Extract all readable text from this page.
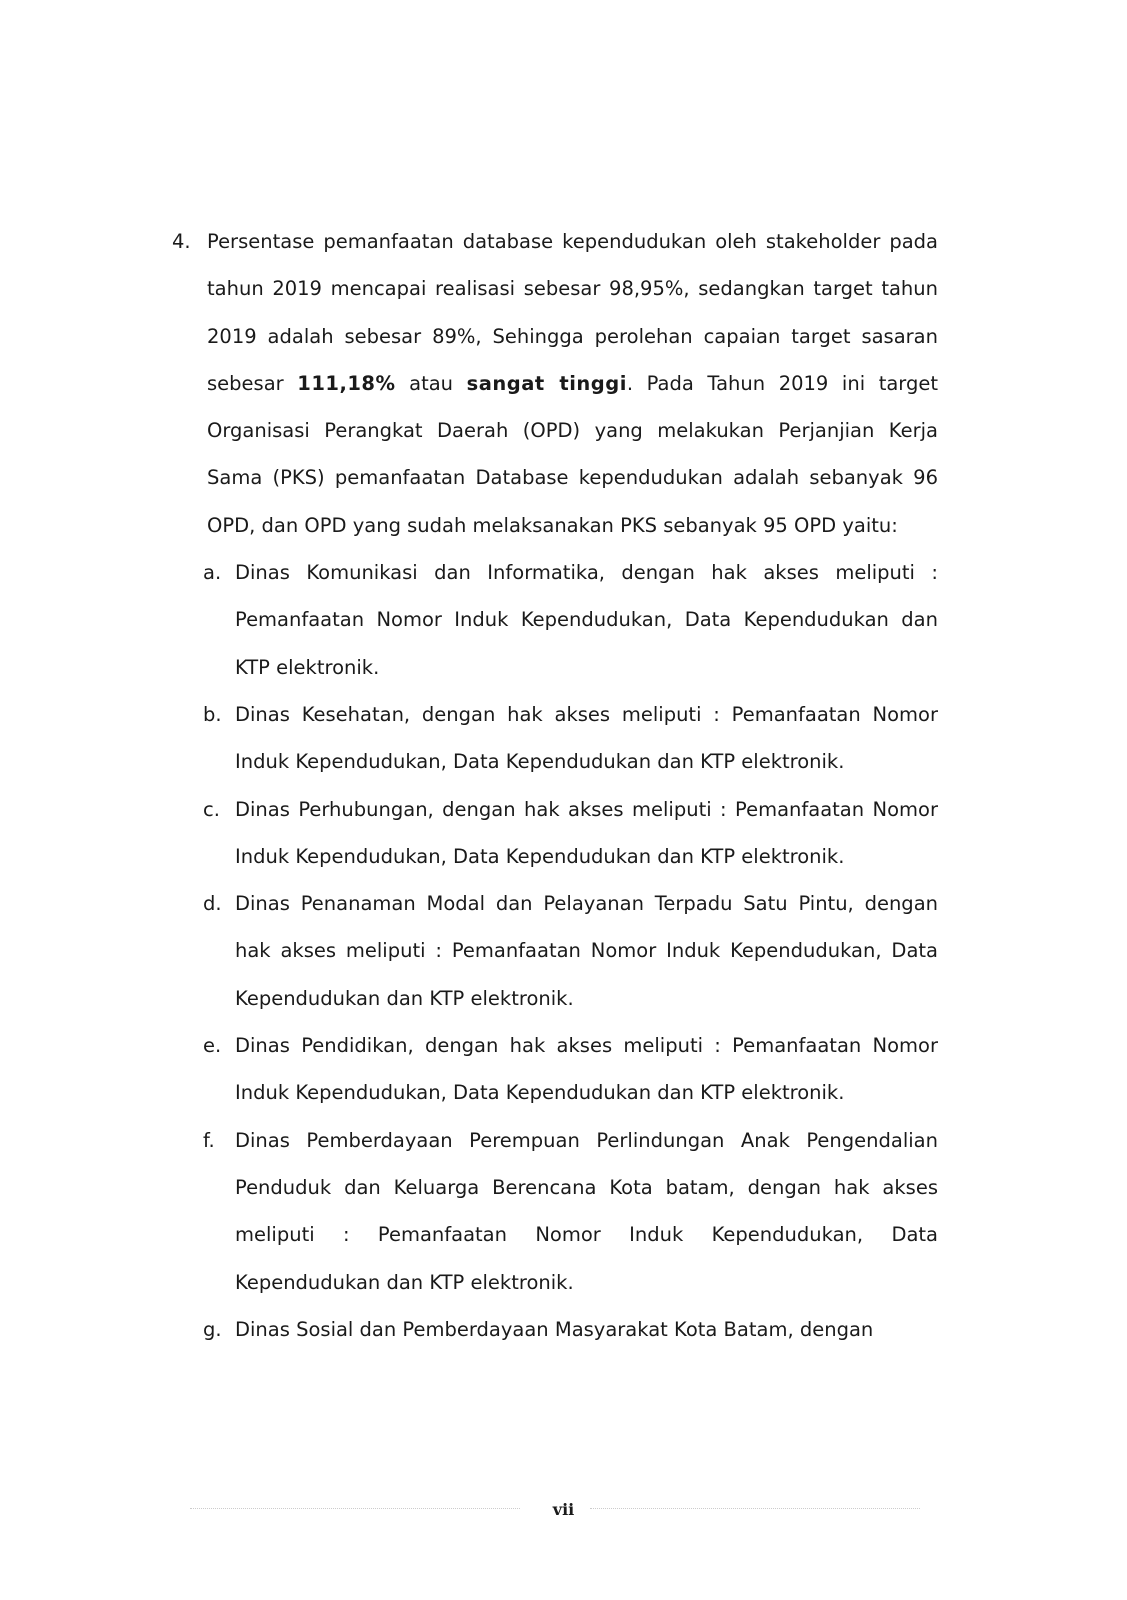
4. Persentase pemanfaatan database kependudukan oleh stakeholder pada tahun 2019 mencapai realisasi sebesar 98,95%, sedangkan target tahun 2019 adalah sebesar 89%, Sehingga perolehan capaian target sasaran sebesar 111,18% atau sangat tinggi. Pada Tahun 2019 ini target Organisasi Perangkat Daerah (OPD) yang melakukan Perjanjian Kerja Sama (PKS) pemanfaatan Database kependudukan adalah sebanyak 96 OPD, dan OPD yang sudah melaksanakan PKS sebanyak 95 OPD yaitu:
a. Dinas Komunikasi dan Informatika, dengan hak akses meliputi : Pemanfaatan Nomor Induk Kependudukan, Data Kependudukan dan KTP elektronik.
b. Dinas Kesehatan, dengan hak akses meliputi : Pemanfaatan Nomor Induk Kependudukan, Data Kependudukan dan KTP elektronik.
c. Dinas Perhubungan, dengan hak akses meliputi : Pemanfaatan Nomor Induk Kependudukan, Data Kependudukan dan KTP elektronik.
d. Dinas Penanaman Modal dan Pelayanan Terpadu Satu Pintu, dengan hak akses meliputi : Pemanfaatan Nomor Induk Kependudukan, Data Kependudukan dan KTP elektronik.
e. Dinas Pendidikan, dengan hak akses meliputi : Pemanfaatan Nomor Induk Kependudukan, Data Kependudukan dan KTP elektronik.
f.	Dinas Pemberdayaan Perempuan Perlindungan Anak Pengendalian Penduduk dan Keluarga Berencana Kota batam, dengan hak akses meliputi : Pemanfaatan Nomor Induk Kependudukan, Data Kependudukan dan KTP elektronik.
g. Dinas Sosial dan Pemberdayaan Masyarakat Kota Batam, dengan
vii
